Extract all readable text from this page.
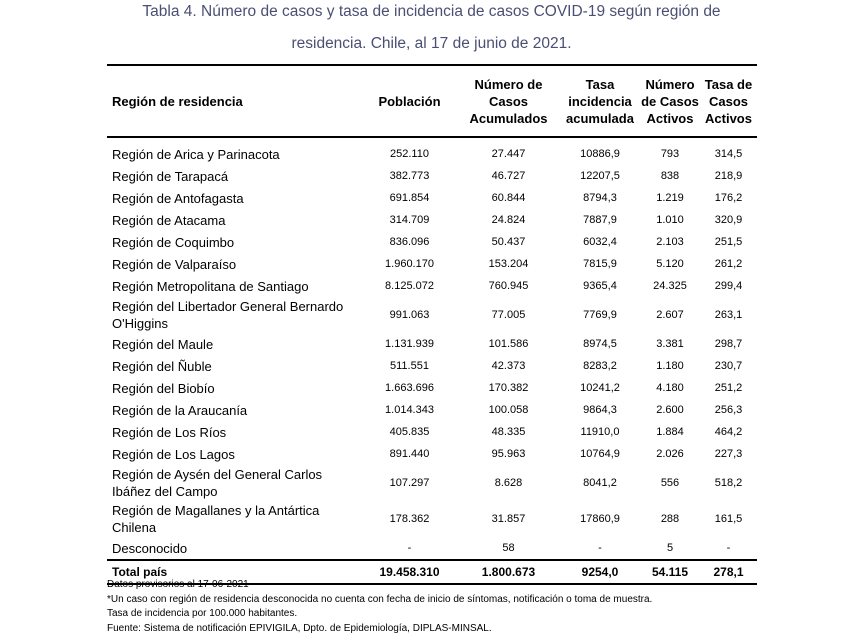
Tabla 4. Número de casos y tasa de incidencia de casos COVID-19 según región de
residencia. Chile, al 17 de junio de 2021.
Región de residencia	Población	Número de Casos Acumulados	Tasa incidencia acumulada	Número de Casos Activos	Tasa de Casos Activos
Región de Arica y Parinacota	252.110	27.447	10886,9	793	314,5
Región de Tarapacá	382.773	46.727	12207,5	838	218,9
Región de Antofagasta	691.854	60.844	8794,3	1.219	176,2
Región de Atacama	314.709	24.824	7887,9	1.010	320,9
Región de Coquimbo	836.096	50.437	6032,4	2.103	251,5
Región de Valparaíso	1.960.170	153.204	7815,9	5.120	261,2
Región Metropolitana de Santiago	8.125.072	760.945	9365,4	24.325	299,4
Región del Libertador General Bernardo O'Higgins	991.063	77.005	7769,9	2.607	263,1
Región del Maule	1.131.939	101.586	8974,5	3.381	298,7
Región del Ñuble	511.551	42.373	8283,2	1.180	230,7
Región del Biobío	1.663.696	170.382	10241,2	4.180	251,2
Región de la Araucanía	1.014.343	100.058	9864,3	2.600	256,3
Región de Los Ríos	405.835	48.335	11910,0	1.884	464,2
Región de Los Lagos	891.440	95.963	10764,9	2.026	227,3
Región de Aysén del General Carlos Ibáñez del Campo	107.297	8.628	8041,2	556	518,2
Región de Magallanes y la Antártica Chilena	178.362	31.857	17860,9	288	161,5
Desconocido	-	58	-	5	-
Total país	19.458.310	1.800.673	9254,0	54.115	278,1
Datos provisorios al 17-06-2021
*Un caso con región de residencia desconocida no cuenta con fecha de inicio de síntomas, notificación o toma de muestra.
Tasa de incidencia por 100.000 habitantes.
Fuente: Sistema de notificación EPIVIGILA, Dpto. de Epidemiología, DIPLAS-MINSAL.
